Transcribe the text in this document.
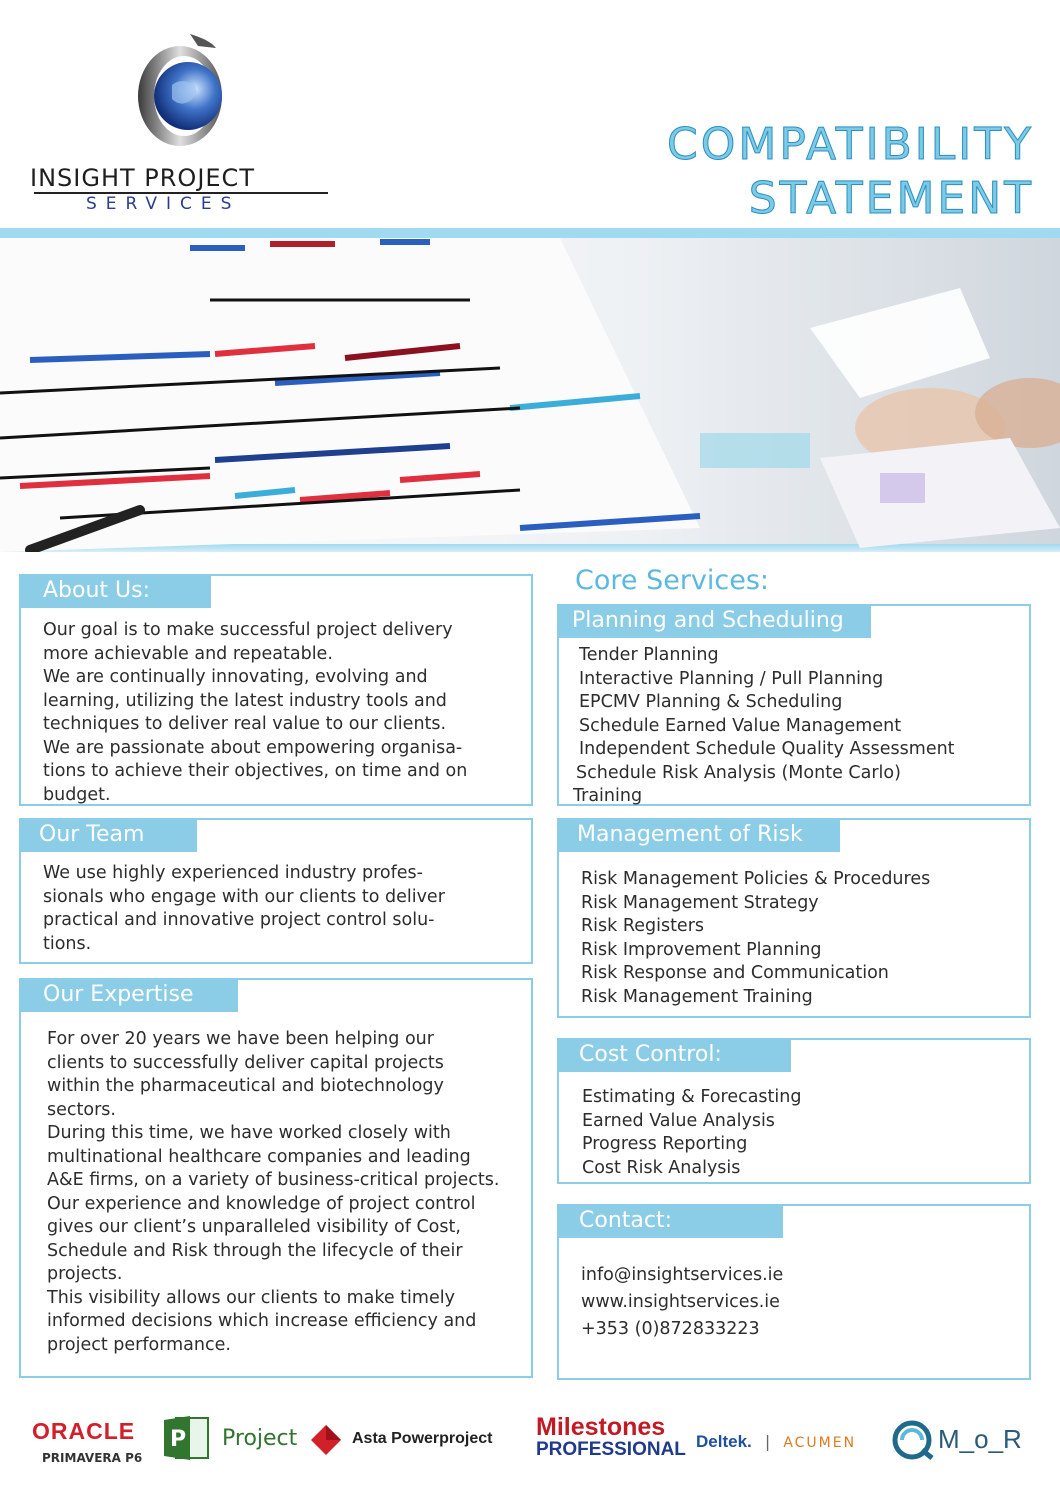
INSIGHT PROJECT
SERVICES
COMPATIBILITY
STATEMENT
About Us:
Our goal is to make successful project delivery
more achievable and repeatable.
We are continually innovating, evolving and
learning, utilizing the latest industry tools and
techniques to deliver real value to our clients.
We are passionate about empowering organisa-
tions to achieve their objectives, on time and on
budget.
Our Team
We use highly experienced industry profes-
sionals who engage with our clients to deliver
practical and innovative project control solu-
tions.
Our Expertise
For over 20 years we have been helping our
clients to successfully deliver capital projects
within the pharmaceutical and biotechnology
sectors.
During this time, we have worked closely with
multinational healthcare companies and leading
A&E firms, on a variety of business-critical projects.
Our experience and knowledge of project control
gives our client’s unparalleled visibility of Cost,
Schedule and Risk through the lifecycle of their
projects.
This visibility allows our clients to make timely
informed decisions which increase efficiency and
project performance.
Core Services:
Planning and Scheduling
Tender Planning
Interactive Planning / Pull Planning
EPCMV Planning & Scheduling
Schedule Earned Value Management
Independent Schedule Quality Assessment
Schedule Risk Analysis (Monte Carlo)
Training
Management of Risk
Risk Management Policies & Procedures
Risk Management Strategy
Risk Registers
Risk Improvement Planning
Risk Response and Communication
Risk Management Training
Cost Control:
Estimating & Forecasting
Earned Value Analysis
Progress Reporting
Cost Risk Analysis
Contact:
info@insightservices.ie
www.insightservices.ie
+353 (0)872833223
ORACLE
PRIMAVERA P6
P Project	Asta Powerproject Milestones
PROFESSIONAL Deltek. | ACUMEN	M_o_R
